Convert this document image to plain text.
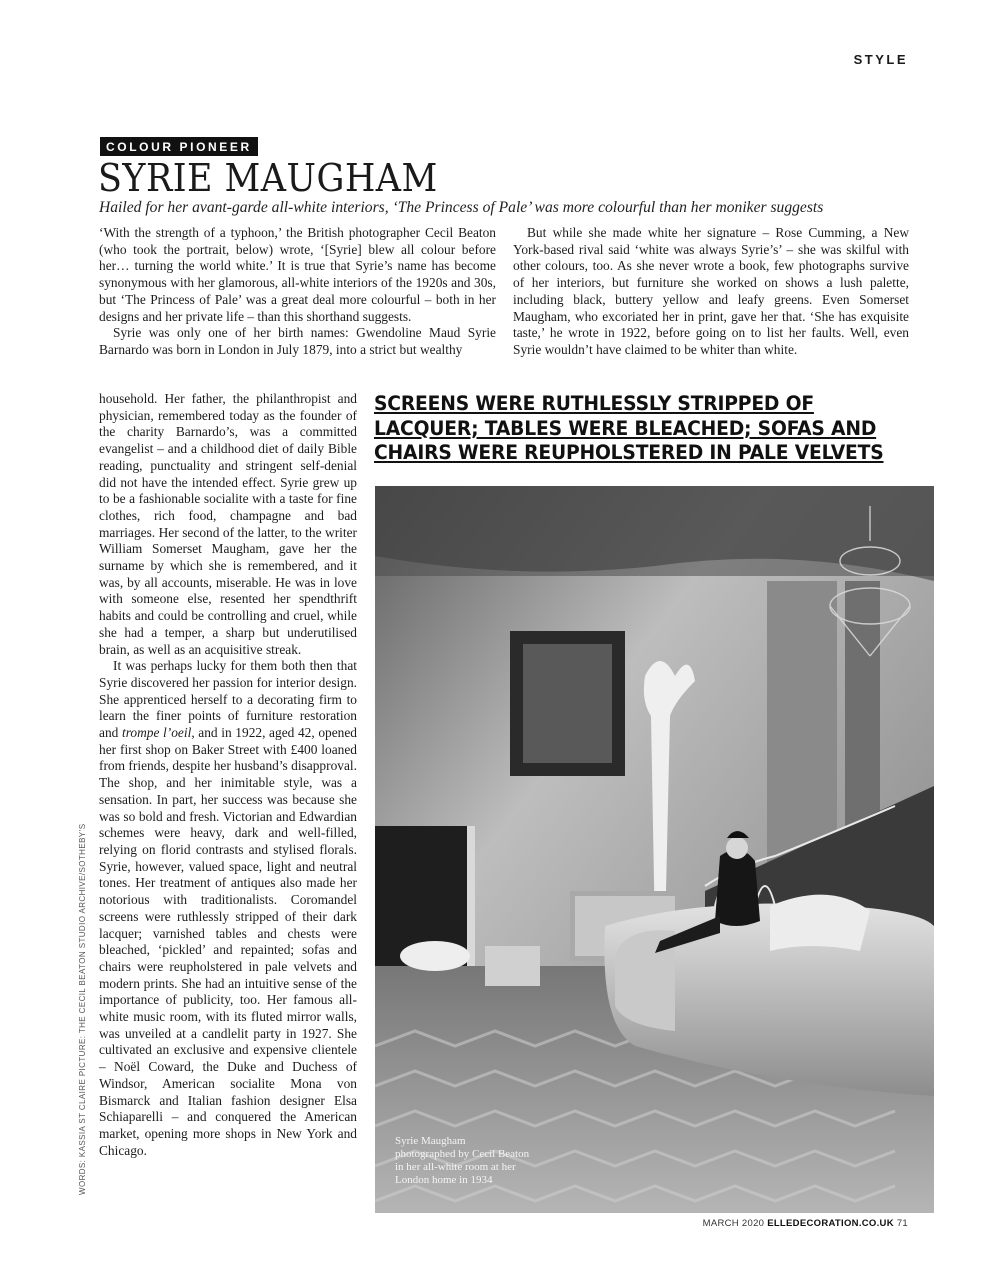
STYLE
COLOUR PIONEER
SYRIE MAUGHAM

Hailed for her avant-garde all-white interiors, ‘The Princess of Pale’ was more colourful than her moniker suggests

‘With the strength of a typhoon,’ the British photographer Cecil Beaton (who took the portrait, below) wrote, ‘[Syrie] blew all colour before her… turning the world white.’ It is true that Syrie’s name has become synonymous with her glamorous, all-white interiors of the 1920s and 30s, but ‘The Princess of Pale’ was a great deal more colourful – both in her designs and her private life – than this shorthand suggests.

Syrie was only one of her birth names: Gwendoline Maud Syrie Barnardo was born in London in July 1879, into a strict but wealthy

household. Her father, the philanthropist and physician, remembered today as the founder of the charity Barnardo’s, was a committed evangelist – and a childhood diet of daily Bible reading, punctuality and stringent self-denial did not have the intended effect. Syrie grew up to be a fashionable socialite with a taste for fine clothes, rich food, champagne and bad marriages. Her second of the latter, to the writer William Somerset Maugham, gave her the surname by which she is remembered, and it was, by all accounts, miserable. He was in love with someone else, resented her spendthrift habits and could be controlling and cruel, while she had a temper, a sharp but underutilised brain, as well as an acquisitive streak.

It was perhaps lucky for them both then that Syrie discovered her passion for interior design. She apprenticed herself to a decorating firm to learn the finer points of furniture restoration and trompe l’oeil, and in 1922, aged 42, opened her first shop on Baker Street with £400 loaned from friends, despite her husband’s disapproval. The shop, and her inimitable style, was a sensation. In part, her success was because she was so bold and fresh. Victorian and Edwardian schemes were heavy, dark and well-filled, relying on florid contrasts and stylised florals. Syrie, however, valued space, light and neutral tones. Her treatment of antiques also made her notorious with traditionalists. Coromandel screens were ruthlessly stripped of their dark lacquer; varnished tables and chests were bleached, ‘pickled’ and repainted; sofas and chairs were reupholstered in pale velvets and modern prints. She had an intuitive sense of the importance of publicity, too. Her famous all-white music room, with its fluted mirror walls, was unveiled at a candlelit party in 1927. She cultivated an exclusive and expensive clientele – Noël Coward, the Duke and Duchess of Windsor, American socialite Mona von Bismarck and Italian fashion designer Elsa Schiaparelli – and conquered the American market, opening more shops in New York and Chicago.

But while she made white her signature – Rose Cumming, a New York-based rival said ‘white was always Syrie’s’ – she was skilful with other colours, too. As she never wrote a book, few photographs survive of her interiors, but furniture she worked on shows a lush palette, including black, buttery yellow and leafy greens. Even Somerset Maugham, who excoriated her in print, gave her that. ‘She has exquisite taste,’ he wrote in 1922, before going on to list her faults. Well, even Syrie wouldn’t have claimed to be whiter than white.

SCREENS WERE RUTHLESSLY STRIPPED OF LACQUER; TABLES WERE BLEACHED; SOFAS AND CHAIRS WERE REUPHOLSTERED IN PALE VELVETS

Syrie Maugham
photographed by Cecil Beaton
in her all-white room at her
London home in 1934
WORDS: KASSIA ST CLAIRE PICTURE: THE CECIL BEATON STUDIO ARCHIVE/SOTHEBY’S
MARCH 2020 ELLEDECORATION.CO.UK 71
